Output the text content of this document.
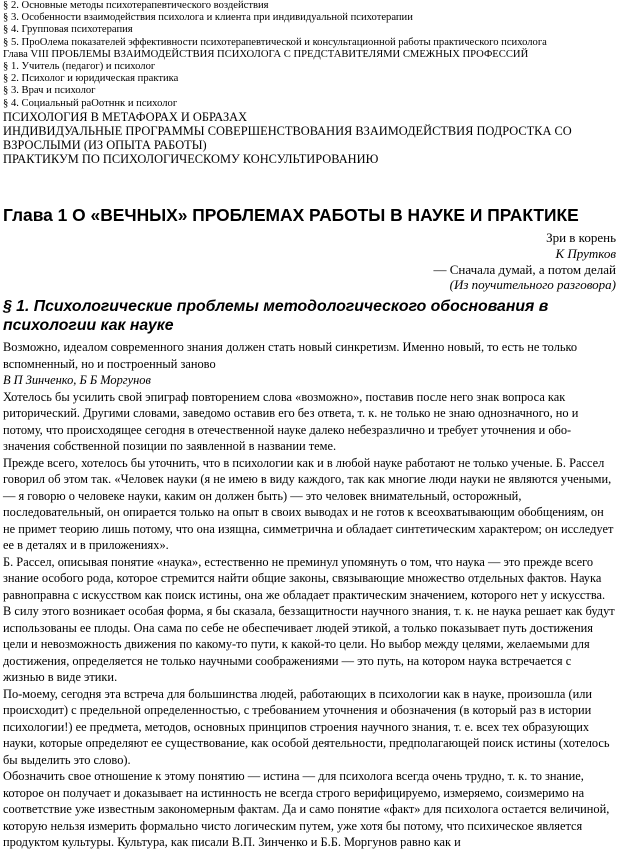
§ 2. Основные методы психотерапевтического воздействия
§ 3. Особенности взаимодействия психолога и клиента при индивидуальной психотерапии
§ 4. Групповая психотерапия
§ 5. ПроОлема показателей эффективности психотерапевтической и консультационной работы практического психолога
Глава VIII ПРОБЛЕМЫ ВЗАИМОДЕЙСТВИЯ ПСИХОЛОГА С ПРЕДСТАВИТЕЛЯМИ СМЕЖНЫХ ПРОФЕССИЙ
§ 1. Учитель (педагог) и психолог
§ 2. Психолог и юридическая практика
§ 3. Врач и психолог
§ 4. Социальный раОотннк и психолог
ПСИХОЛОГИЯ В МЕТАФОРАХ И ОБРАЗАХ
ИНДИВИДУАЛЬНЫЕ ПРОГРАММЫ СОВЕРШЕНСТВОВАНИЯ ВЗАИМОДЕЙСТВИЯ ПОДРОСТКА СО ВЗРОСЛЫМИ (ИЗ ОПЫТА РАБОТЫ)
ПРАКТИКУМ ПО ПСИХОЛОГИЧЕСКОМУ КОНСУЛЬТИРОВАНИЮ
Глава 1 О «ВЕЧНЫХ» ПРОБЛЕМАХ РАБОТЫ В НАУКЕ И ПРАКТИКЕ
Зри в корень
К Прутков
— Сначала думай, а потом делай
(Из поучительного разговора)
§ 1. Психологические проблемы методологического обоснования в психологии как науке

Возможно, идеалом современного знания должен стать новый синкретизм. Именно новый, то есть не только вспомненный, но и построенный заново

В П Зинченко, Б Б Моргунов

Хотелось бы усилить свой эпиграф повторением слова «возможно», поставив после него знак вопроса как риторический. Другими словами, заведомо оставив его без ответа, т. к. не только не знаю однозначного, но и потому, что происходящее сегодня в отечественной науке далеко небезразлично и требует уточнения и обо-значения собственной позиции по заявленной в названии теме.

Прежде всего, хотелось бы уточнить, что в психологии как и в любой науке работают не только ученые. Б. Рассел говорил об этом так. «Человек науки (я не имею в виду каждого, так как многие люди науки не являются учеными, — я говорю о человеке науки, каким он должен быть) — это человек внимательный, осторожный, последовательный, он опирается только на опыт в своих выводах и не готов к всеохватывающим обобщениям, он не примет теорию лишь потому, что она изящна, симметрична и обладает синтетическим характером; он исследует ее в деталях и в приложениях».

Б. Рассел, описывая понятие «наука», естественно не преминул упомянуть о том, что наука — это прежде всего знание особого рода, которое стремится найти общие законы, связывающие множество отдельных фактов. Наука равноправна с искусством как поиск истины, она же обладает практическим значением, которого нет у искусства. В силу этого возникает особая форма, я бы сказала, беззащитности научного знания, т. к. не наука решает как будут использованы ее плоды. Она сама по себе не обеспечивает людей этикой, а только показывает путь достижения цели и невозможность движения по какому-то пути, к какой-то цели. Но выбор между целями, желаемыми для достижения, определяется не только научными соображениями — это путь, на котором наука встречается с жизнью в виде этики.

По-моему, сегодня эта встреча для большинства людей, работающих в психологии как в науке, произошла (или происходит) с предельной определенностью, с требованием уточнения и обозначения (в который раз в истории психологии!) ее предмета, методов, основных принципов строения научного знания, т. е. всех тех образующих науки, которые определяют ее существование, как особой деятельности, предполагающей поиск истины (хотелось бы выделить это слово).

Обозначить свое отношение к этому понятию — истина — для психолога всегда очень трудно, т. к. то знание, которое он получает и доказывает на истинность не всегда строго верифицируемо, измеряемо, соизмеримо на соответствие уже известным закономерным фактам. Да и само понятие «факт» для психолога остается величиной, которую нельзя измерить формально чисто логическим путем, уже хотя бы потому, что психическое является продуктом культуры. Культура, как писали В.П. Зинченко и Б.Б. Моргунов равно как и
